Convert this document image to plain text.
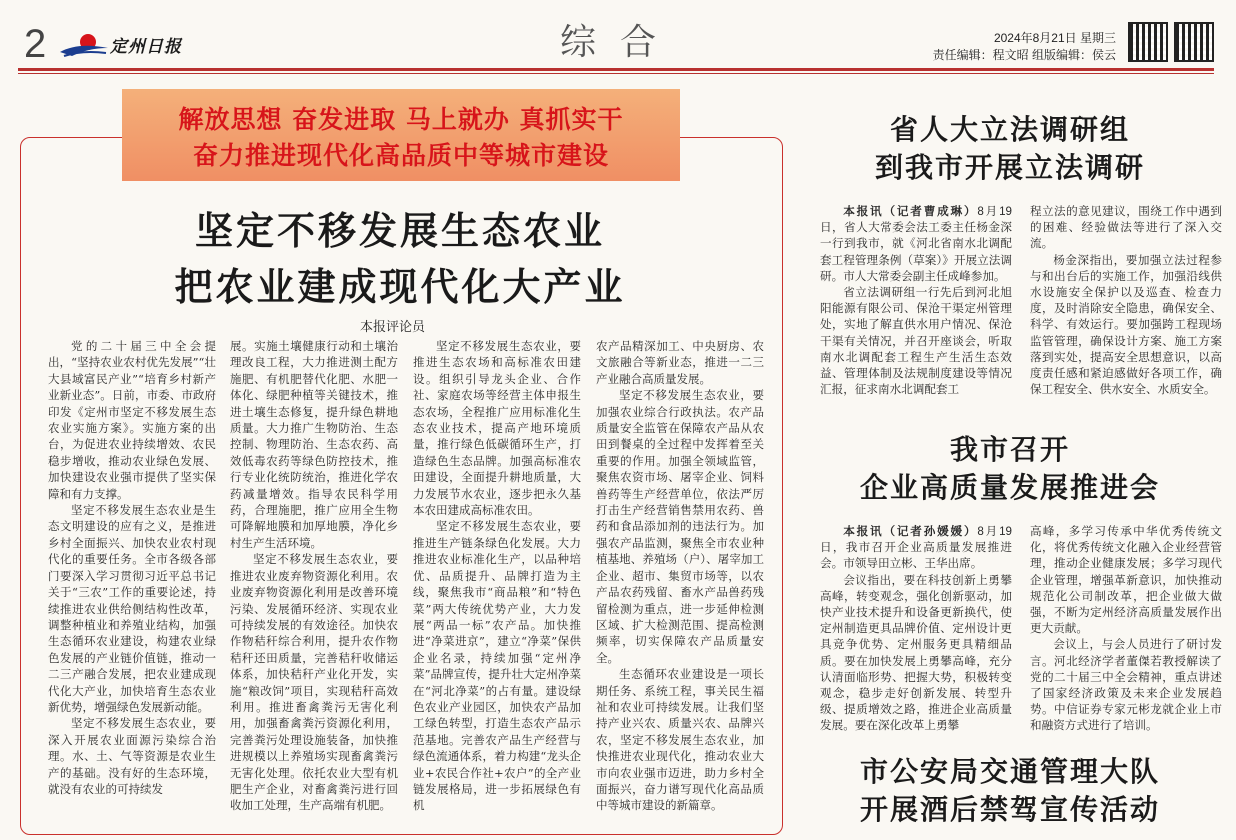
2	定州日报	综合	2024年8月21日 星期三
责任编辑：程文昭 组版编辑：侯云
解放思想 奋发进取 马上就办 真抓实干
奋力推进现代化高品质中等城市建设
坚定不移发展生态农业
把农业建成现代化大产业
本报评论员

党的二十届三中全会提出，“坚持农业农村优先发展”“壮大县域富民产业”“培育乡村新产业新业态”。日前，市委、市政府印发《定州市坚定不移发展生态农业实施方案》。实施方案的出台，为促进农业持续增效、农民稳步增收，推动农业绿色发展、加快建设农业强市提供了坚实保障和有力支撑。

坚定不移发展生态农业是生态文明建设的应有之义，是推进乡村全面振兴、加快农业农村现代化的重要任务。全市各级各部门要深入学习贯彻习近平总书记关于“三农”工作的重要论述，持续推进农业供给侧结构性改革，调整种植业和养殖业结构，加强生态循环农业建设，构建农业绿色发展的产业链价值链，推动一二三产融合发展，把农业建成现代化大产业，加快培育生态农业新优势，增强绿色发展新动能。

坚定不移发展生态农业，要深入开展农业面源污染综合治理。水、土、气等资源是农业生产的基础。没有好的生态环境，就没有农业的可持续发

展。实施土壤健康行动和土壤治理改良工程，大力推进测土配方施肥、有机肥替代化肥、水肥一体化、绿肥种植等关键技术，推进土壤生态修复，提升绿色耕地质量。大力推广生物防治、生态控制、物理防治、生态农药、高效低毒农药等绿色防控技术，推行专业化统防统治，推进化学农药减量增效。指导农民科学用药，合理施肥，推广应用全生物可降解地膜和加厚地膜，净化乡村生产生活环境。

坚定不移发展生态农业，要推进农业废弃物资源化利用。农业废弃物资源化利用是改善环境污染、发展循环经济、实现农业可持续发展的有效途径。加快农作物秸秆综合利用，提升农作物秸秆还田质量，完善秸秆收储运体系，加快秸秆产业化开发，实施“粮改饲”项目，实现秸秆高效利用。推进畜禽粪污无害化利用，加强畜禽粪污资源化利用，完善粪污处理设施装备，加快推进规模以上养殖场实现畜禽粪污无害化处理。依托农业大型有机肥生产企业，对畜禽粪污进行回收加工处理，生产高端有机肥。

坚定不移发展生态农业，要推进生态农场和高标准农田建设。组织引导龙头企业、合作社、家庭农场等经营主体申报生态农场，全程推广应用标准化生态农业技术，提高产地环境质量，推行绿色低碳循环生产，打造绿色生态品牌。加强高标准农田建设，全面提升耕地质量，大力发展节水农业，逐步把永久基本农田建成高标准农田。

坚定不移发展生态农业，要推进生产链条绿色化发展。大力推进农业标准化生产，以品种培优、品质提升、品牌打造为主线，聚焦我市“商品粮”和“特色菜”两大传统优势产业，大力发展“两品一标”农产品。加快推进“净菜进京”，建立“净菜”保供企业名录，持续加强“定州净菜”品牌宣传，提升壮大定州净菜在“河北净菜”的占有量。建设绿色农业产业园区，加快农产品加工绿色转型，打造生态农产品示范基地。完善农产品生产经营与绿色流通体系，着力构建“龙头企业+农民合作社+农户”的全产业链发展格局，进一步拓展绿色有机

农产品精深加工、中央厨房、农文旅融合等新业态，推进一二三产业融合高质量发展。

坚定不移发展生态农业，要加强农业综合行政执法。农产品质量安全监管在保障农产品从农田到餐桌的全过程中发挥着至关重要的作用。加强全领域监管，聚焦农资市场、屠宰企业、饲料兽药等生产经营单位，依法严厉打击生产经营销售禁用农药、兽药和食品添加剂的违法行为。加强农产品监测，聚焦全市农业种植基地、养殖场（户）、屠宰加工企业、超市、集贸市场等，以农产品农药残留、畜水产品兽药残留检测为重点，进一步延伸检测区域、扩大检测范围、提高检测频率，切实保障农产品质量安全。

生态循环农业建设是一项长期任务、系统工程，事关民生福祉和农业可持续发展。让我们坚持产业兴农、质量兴农、品牌兴农，坚定不移发展生态农业，加快推进农业现代化，推动农业大市向农业强市迈进，助力乡村全面振兴，奋力谱写现代化高品质中等城市建设的新篇章。

省人大立法调研组
到我市开展立法调研

本报讯（记者曹成琳）8月19日，省人大常委会法工委主任杨金深一行到我市，就《河北省南水北调配套工程管理条例（草案）》开展立法调研。市人大常委会副主任成峰参加。

省立法调研组一行先后到河北旭阳能源有限公司、保沧干渠定州管理处，实地了解直供水用户情况、保沧干渠有关情况，并召开座谈会，听取南水北调配套工程生产生活生态效益、管理体制及法规制度建设等情况汇报，征求南水北调配套工

程立法的意见建议，围绕工作中遇到的困难、经验做法等进行了深入交流。

杨金深指出，要加强立法过程参与和出台后的实施工作，加强沿线供水设施安全保护以及巡查、检查力度，及时消除安全隐患，确保安全、科学、有效运行。要加强跨工程现场监管管理，确保设计方案、施工方案落到实处，提高安全思想意识，以高度责任感和紧迫感做好各项工作，确保工程安全、供水安全、水质安全。

我市召开
企业高质量发展推进会

本报讯（记者孙媛媛）8月19日，我市召开企业高质量发展推进会。市领导田立彬、王华出席。

会议指出，要在科技创新上勇攀高峰，转变观念，强化创新驱动，加快产业技术提升和设备更新换代，使定州制造更具品牌价值、定州设计更具竞争优势、定州服务更具精细品质。要在加快发展上勇攀高峰，充分认清面临形势、把握大势，积极转变观念，稳步走好创新发展、转型升级、提质增效之路，推进企业高质量发展。要在深化改革上勇攀

高峰，多学习传承中华优秀传统文化，将优秀传统文化融入企业经营管理，推动企业健康发展；多学习现代企业管理，增强革新意识，加快推动规范化公司制改革，把企业做大做强，不断为定州经济高质量发展作出更大贡献。

会议上，与会人员进行了研讨发言。河北经济学者董傑若教授解读了党的二十届三中全会精神，重点讲述了国家经济政策及未来企业发展趋势。中信证券专家元彬龙就企业上市和融资方式进行了培训。

市公安局交通管理大队
开展酒后禁驾宣传活动
